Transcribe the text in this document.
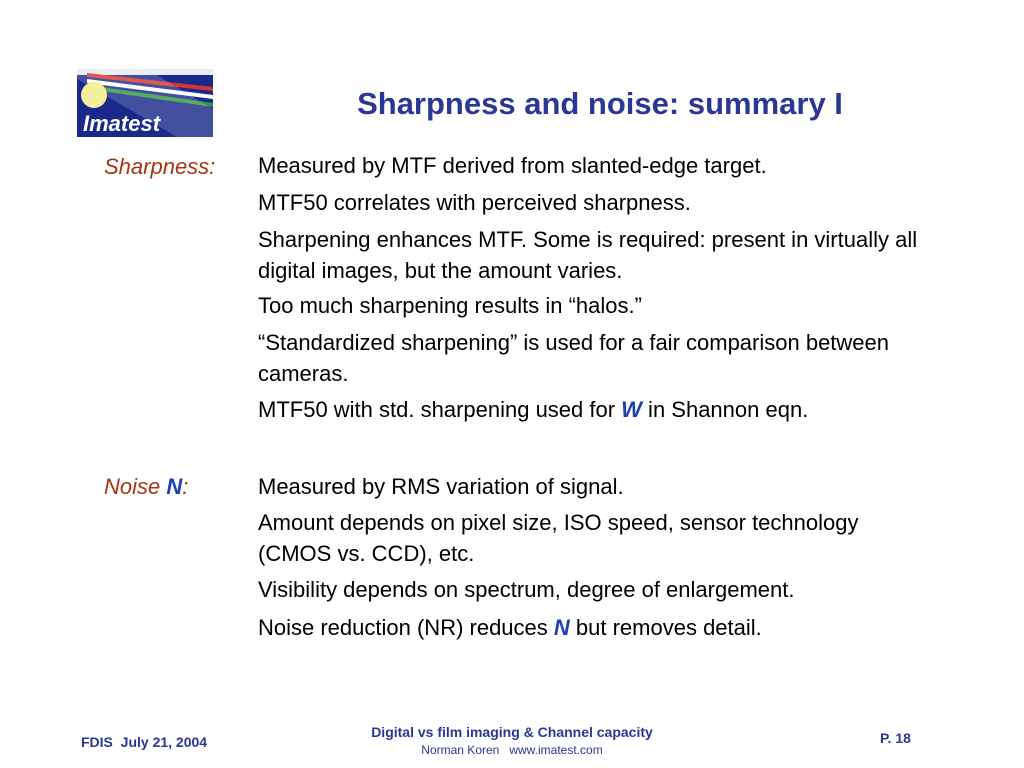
Imatest
Sharpness and noise: summary I
Sharpness: Measured by MTF derived from slanted-edge target.
MTF50 correlates with perceived sharpness.
Sharpening enhances MTF. Some is required: present in virtually all digital images, but the amount varies.
Too much sharpening results in “halos.”
“Standardized sharpening” is used for a fair comparison between cameras.
MTF50 with std. sharpening used for W in Shannon eqn.
Noise N:	Measured by RMS variation of signal.
Amount depends on pixel size, ISO speed, sensor technology (CMOS vs. CCD), etc.
Visibility depends on spectrum, degree of enlargement.
Noise reduction (NR) reduces N but removes detail.
FDIS  July 21, 2004
Digital vs film imaging & Channel capacity
Norman Koren   www.imatest.com
P. 18
